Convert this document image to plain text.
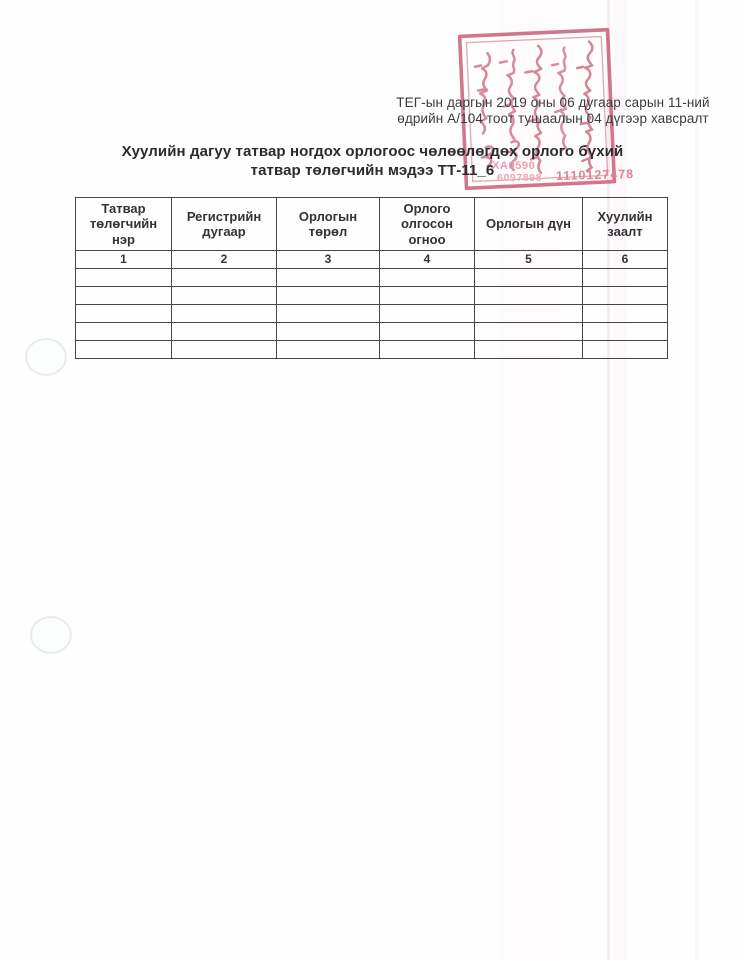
ХА0590
6097898 1110127478
ТЕГ-ын даргын 2019 оны 06 дугаар сарын 11-ний
өдрийн А/104 тоот тушаалын 04 дүгээр хавсралт
Хуулийн дагуу татвар ногдох орлогоос чөлөөлөгдөх орлого бүхий
татвар төлөгчийн мэдээ ТТ-11_6
Татвар төлөгчийн нэр	Регистрийн дугаар	Орлогын төрөл	Орлого олгосон огноо	Орлогын дүн	Хуулийн заалт
1	2	3	4	5	6
